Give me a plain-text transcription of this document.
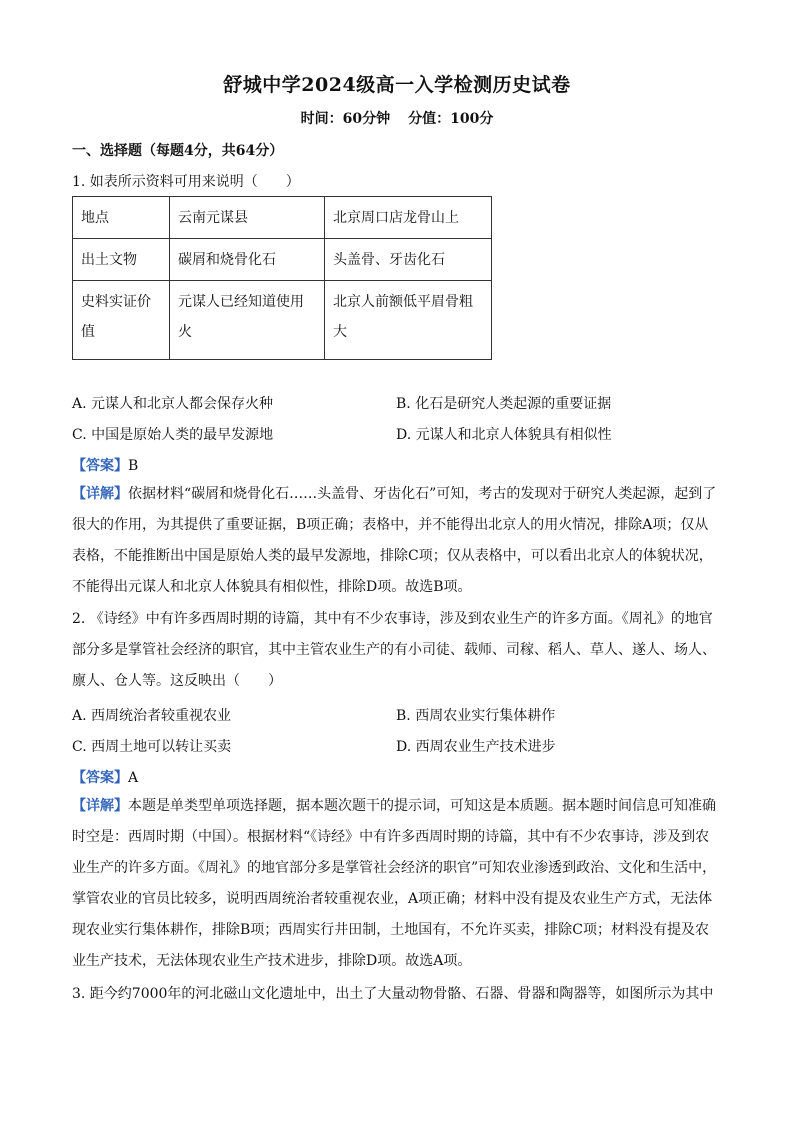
舒城中学2024级高一入学检测历史试卷
时间：60分钟 分值：100分
一、选择题（每题4分，共64分）
1. 如表所示资料可用来说明（　　）
地点	云南元谋县	北京周口店龙骨山上
出土文物	碳屑和烧骨化石	头盖骨、牙齿化石
史料实证价值	元谋人已经知道使用火	北京人前额低平眉骨粗大
A. 元谋人和北京人都会保存火种	B. 化石是研究人类起源的重要证据
C. 中国是原始人类的最早发源地	D. 元谋人和北京人体貌具有相似性
【答案】B

【详解】依据材料“碳屑和烧骨化石……头盖骨、牙齿化石”可知，考古的发现对于研究人类起源，起到了很大的作用，为其提供了重要证据，B项正确；表格中，并不能得出北京人的用火情况，排除A项；仅从表格，不能推断出中国是原始人类的最早发源地，排除C项；仅从表格中，可以看出北京人的体貌状况，不能得出元谋人和北京人体貌具有相似性，排除D项。故选B项。

2. 《诗经》中有许多西周时期的诗篇，其中有不少农事诗，涉及到农业生产的许多方面。《周礼》的地官部分多是掌管社会经济的职官，其中主管农业生产的有小司徒、载师、司稼、稻人、草人、遂人、场人、廪人、仓人等。这反映出（　　）
A. 西周统治者较重视农业	B. 西周农业实行集体耕作
C. 西周土地可以转让买卖	D. 西周农业生产技术进步
【答案】A

【详解】本题是单类型单项选择题，据本题次题干的提示词，可知这是本质题。据本题时间信息可知准确时空是：西周时期（中国）。根据材料“《诗经》中有许多西周时期的诗篇，其中有不少农事诗，涉及到农业生产的许多方面。《周礼》的地官部分多是掌管社会经济的职官”可知农业渗透到政治、文化和生活中，掌管农业的官员比较多，说明西周统治者较重视农业，A项正确；材料中没有提及农业生产方式，无法体现农业实行集体耕作，排除B项；西周实行井田制，土地国有，不允许买卖，排除C项；材料没有提及农业生产技术，无法体现农业生产技术进步，排除D项。故选A项。

3. 距今约7000年的河北磁山文化遗址中，出土了大量动物骨骼、石器、骨器和陶器等，如图所示为其中
